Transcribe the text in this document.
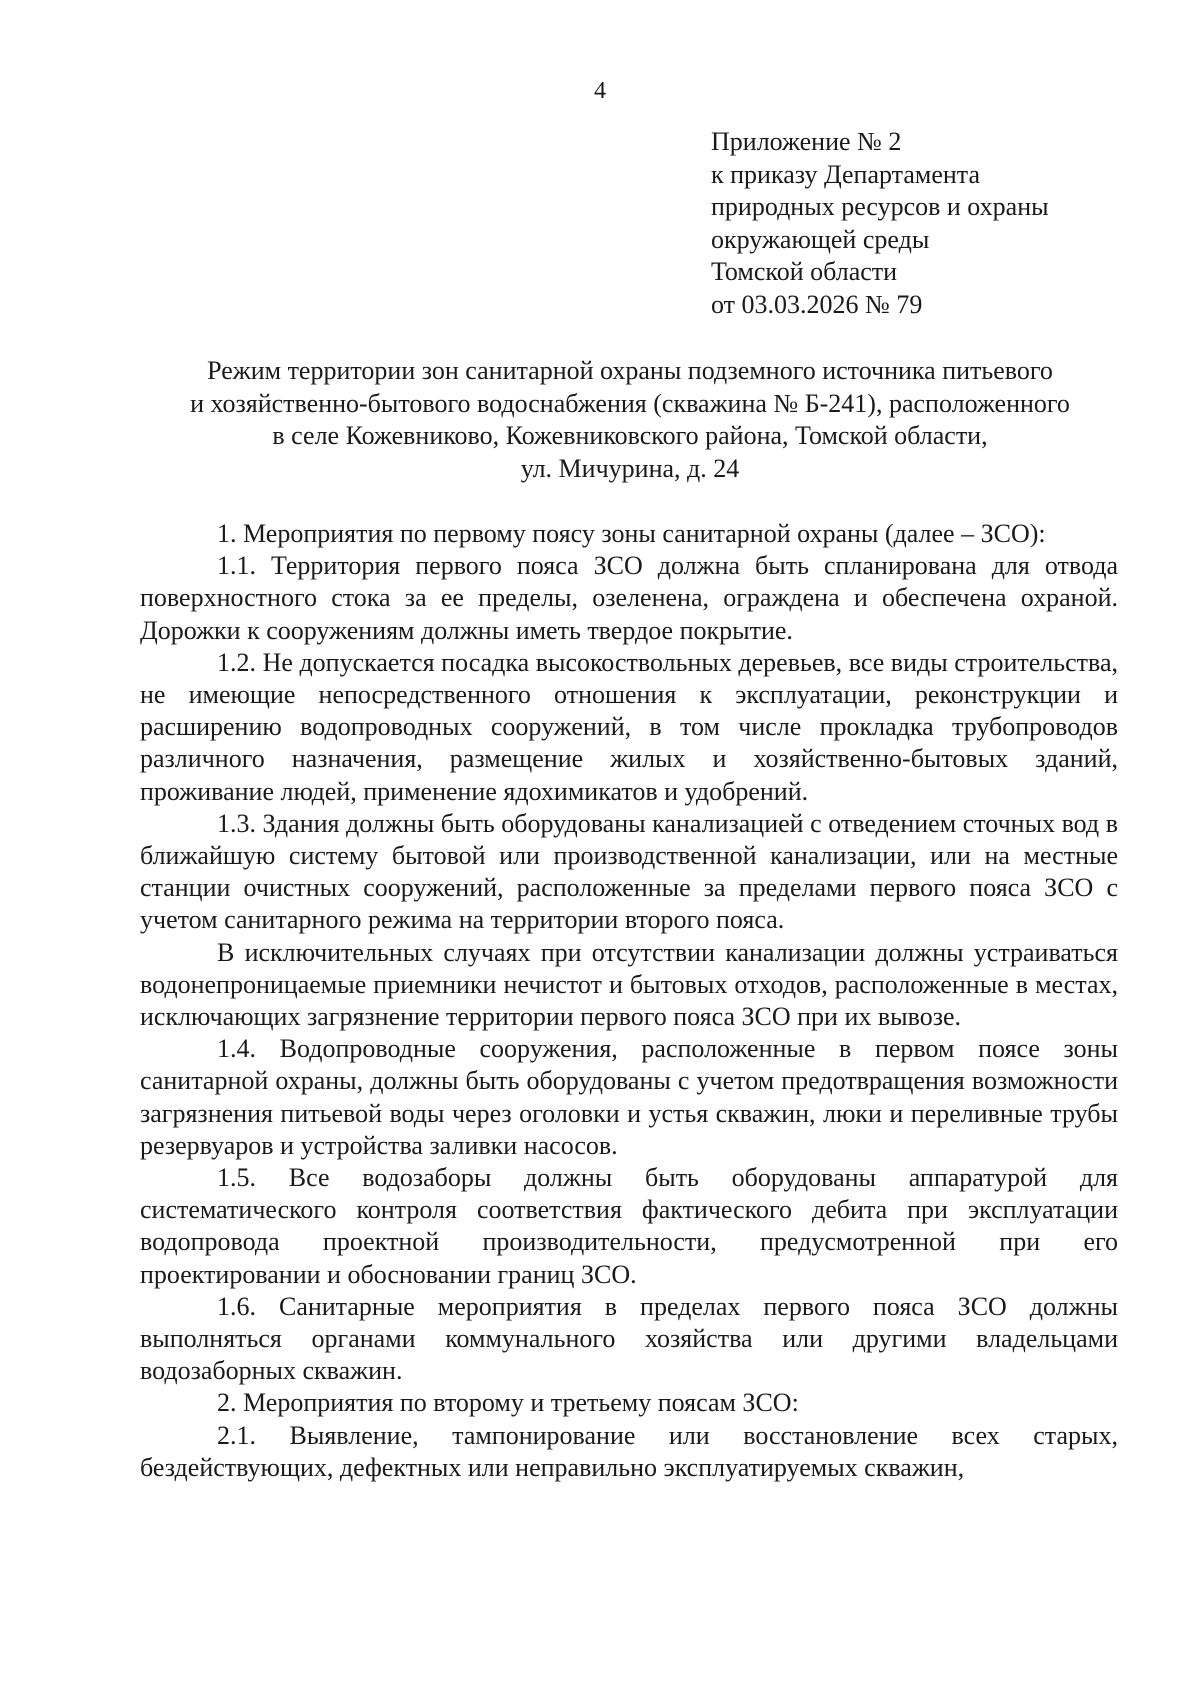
4
Приложение № 2
к приказу Департамента
природных ресурсов и охраны
окружающей среды
Томской области
от 03.03.2026 № 79
Режим территории зон санитарной охраны подземного источника питьевого
и хозяйственно-бытового водоснабжения (скважина № Б-241), расположенного
в селе Кожевниково, Кожевниковского района, Томской области,
ул. Мичурина, д. 24

1. Мероприятия по первому поясу зоны санитарной охраны (далее – ЗСО):

1.1. Территория первого пояса ЗСО должна быть спланирована для отвода поверхностного стока за ее пределы, озеленена, ограждена и обеспечена охраной. Дорожки к сооружениям должны иметь твердое покрытие.

1.2. Не допускается посадка высокоствольных деревьев, все виды строительства, не имеющие непосредственного отношения к эксплуатации, реконструкции и расширению водопроводных сооружений, в том числе прокладка трубопроводов различного назначения, размещение жилых и хозяйственно-бытовых зданий, проживание людей, применение ядохимикатов и удобрений.

1.3. Здания должны быть оборудованы канализацией с отведением сточных вод в ближайшую систему бытовой или производственной канализации, или на местные станции очистных сооружений, расположенные за пределами первого пояса ЗСО с учетом санитарного режима на территории второго пояса.

В исключительных случаях при отсутствии канализации должны устраиваться водонепроницаемые приемники нечистот и бытовых отходов, расположенные в местах, исключающих загрязнение территории первого пояса ЗСО при их вывозе.

1.4. Водопроводные сооружения, расположенные в первом поясе зоны санитарной охраны, должны быть оборудованы с учетом предотвращения возможности загрязнения питьевой воды через оголовки и устья скважин, люки и переливные трубы резервуаров и устройства заливки насосов.

1.5. Все водозаборы должны быть оборудованы аппаратурой для систематического контроля соответствия фактического дебита при эксплуатации водопровода проектной производительности, предусмотренной при его проектировании и обосновании границ ЗСО.

1.6. Санитарные мероприятия в пределах первого пояса ЗСО должны выполняться органами коммунального хозяйства или другими владельцами водозаборных скважин.

2. Мероприятия по второму и третьему поясам ЗСО:

2.1. Выявление, тампонирование или восстановление всех старых, бездействующих, дефектных или неправильно эксплуатируемых скважин,
